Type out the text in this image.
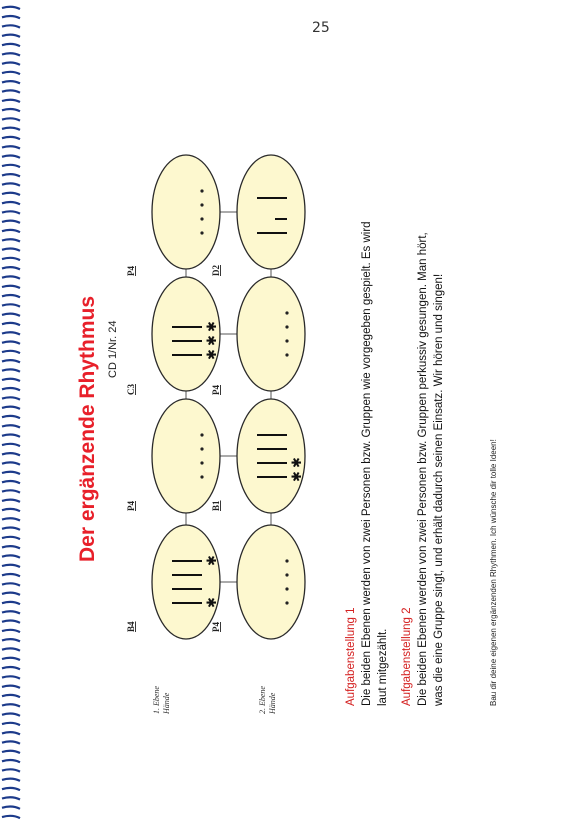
25
Der ergänzende Rhythmus CD 1/Nr. 24
1. Ebene Hände	2. Ebene Hände
B4
P4
C3
P4
P4
B1
P4
D2
✱
✱
✱
✱
✱
✱
✱
Aufgabenstellung 1 Die beiden Ebenen werden von zwei Personen bzw. Gruppen wie vorgegeben gespielt. Es wird laut mitgezählt. Aufgabenstellung 2 Die beiden Ebenen werden von zwei Personen bzw. Gruppen perkussiv gesungen. Man hört, was die eine Gruppe singt, und erhält dadurch seinen Einsatz. Wir hören und singen!	Bau dir deine eigenen ergänzenden Rhythmen. Ich wünsche dir tolle Ideen!
